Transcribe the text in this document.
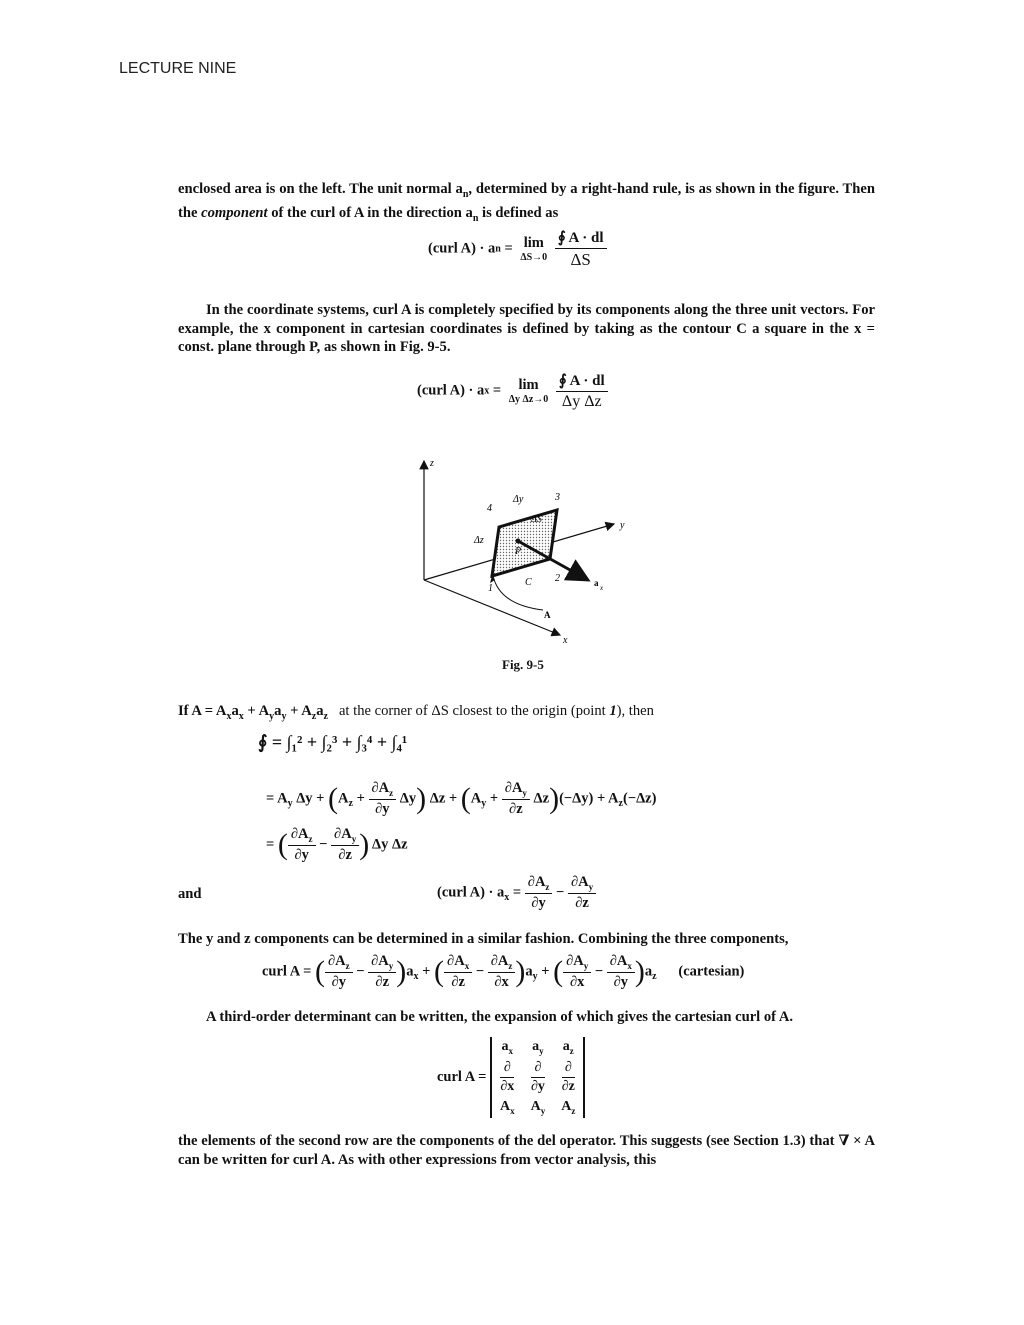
LECTURE NINE
enclosed area is on the left. The unit normal $a_n$, determined by a right-hand rule, is as shown in the figure. Then the component of the curl of A in the direction $a_n$ is defined as
(curl A) · an = lim
ΔS→0
$\frac{∮ A \cdot dl}{\Delta S}$
In the coordinate systems, curl A is completely specified by its components along the three unit vectors. For example, the x component in cartesian coordinates is defined by taking as the contour C a square in the x = const. plane through P, as shown in Fig. 9-5.
(curl A) · ax = lim
Δy Δz→0
$\frac{∮ A \cdot dl}{\text{Δy Δz}}$
z
y
x
Δy
Δz
ΔS
P
C
A
a x
1
2
3
4
Fig. 9-5
If $A = A_xa_x + A_ya_y + A_za_z$ at the corner of ΔS closest to the origin (point 1), then
∮ = ∫₁² + ∫₂³ + ∫₃⁴ + ∫₄¹
= $A_y$ $\Delta y + (A_z + \frac{\partial A_z}{\partial y} \Delta y) \Delta z + (A_y + \frac{\partial A_y}{\partial z} \Delta z)(-\Delta y) + A_z(-\Delta z)$
= ( $\frac{\partial A_z}{\partial y} - \frac{\partial A_y}{\partial z}$ ) Δy Δz
and	(curl $A) \cdot a_x = \frac{\partial A_z}{\partial y} - \frac{\partial A_y}{\partial z}$
The y and z components can be determined in a similar fashion. Combining the three components,
curl A = ( $\frac{\partial A_z}{\partial y} - \frac{\partial A_y}{\partial z} )a_x$ + ( $\frac{\partial A_x}{\partial z} - \frac{\partial A_z}{\partial x} )a_y$ + ( $\frac{\partial A_y}{\partial x} - \frac{\partial A_x}{\partial y} )a_z$ (cartesian)
A third-order determinant can be written, the expansion of which gives the cartesian curl of A.
curl $A = a_x$	$a_y$	$a_z$

$\frac{\partial}{\partial x}$	$\frac{\partial}{\partial y}$	$\frac{\partial}{\partial z}$

$A_x$	$A_y$	$A_z$
the elements of the second row are the components of the del operator. This suggests (see Section 1.3) that ∇ × A can be written for curl A. As with other expressions from vector analysis, this
